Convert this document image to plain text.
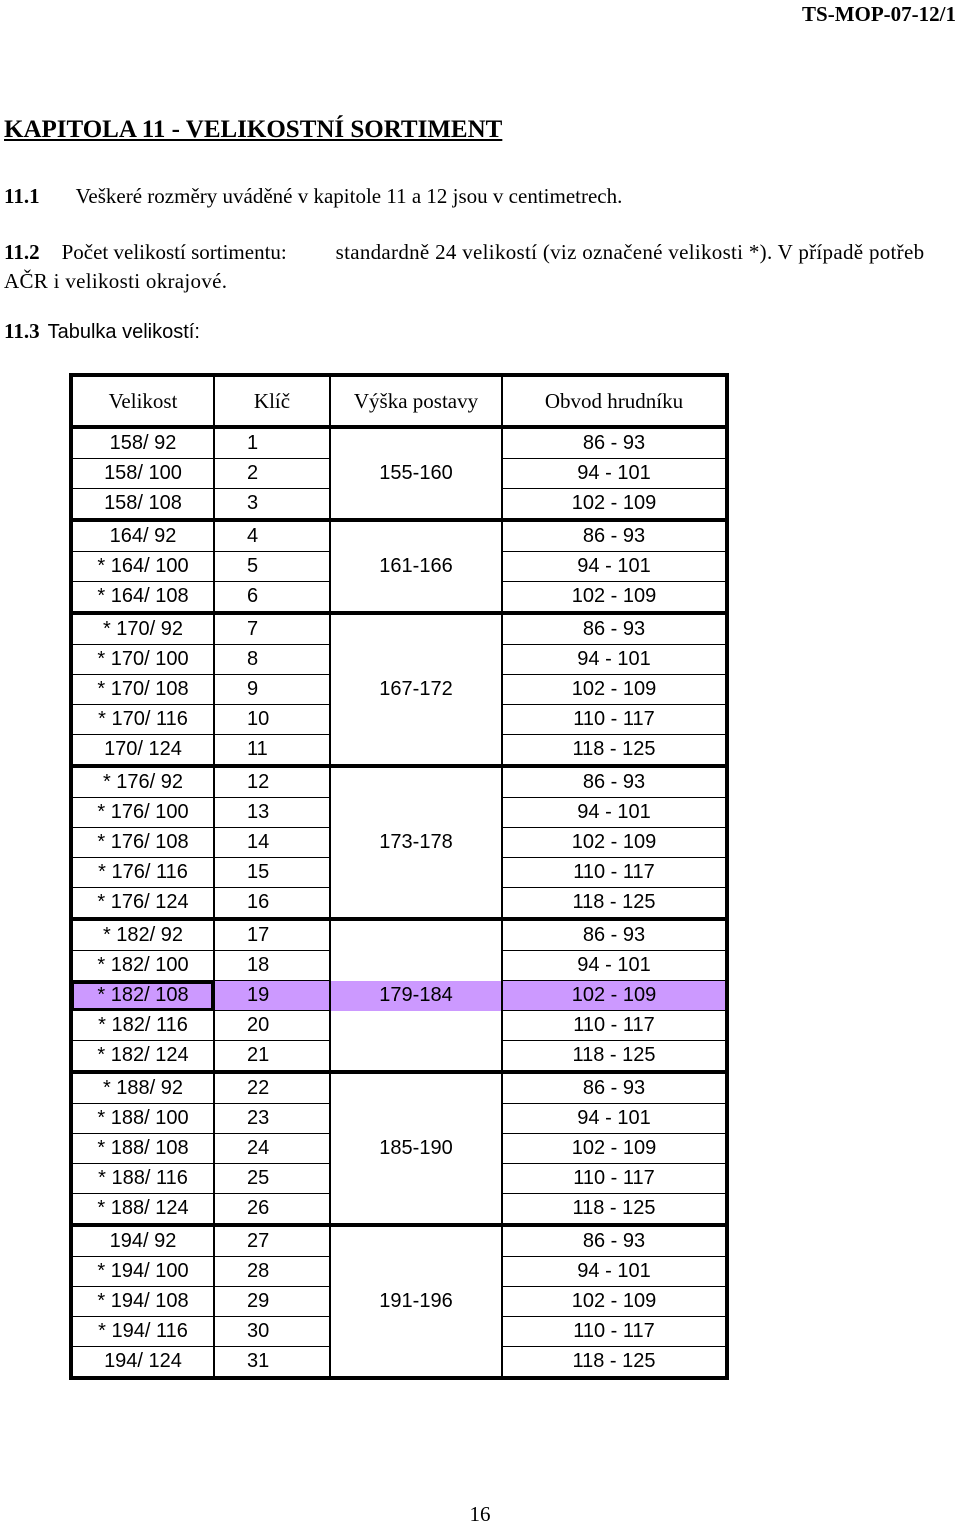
TS-MOP-07-12/1
KAPITOLA 11 - VELIKOSTNÍ SORTIMENT
11.1 Veškeré rozměry uváděné v kapitole 11 a 12 jsou v centimetrech.
11.2 Počet velikostí sortimentu: standardně 24 velikostí (viz označené velikosti *). V případě potřeb AČR i velikosti okrajové.
11.3 Tabulka velikostí:
Velikost	Klíč	Výška postavy	Obvod hrudníku
158/ 92	1		86 - 93
158/ 100	2	155-160	94 - 101
158/ 108	3		102 - 109
164/ 92	4		86 - 93
* 164/ 100	5	161-166	94 - 101
* 164/ 108	6		102 - 109
* 170/ 92	7		86 - 93
* 170/ 100	8		94 - 101
* 170/ 108	9	167-172	102 - 109
* 170/ 116	10		110 - 117
170/ 124	11		118 - 125
* 176/ 92	12		86 - 93
* 176/ 100	13		94 - 101
* 176/ 108	14	173-178	102 - 109
* 176/ 116	15		110 - 117
* 176/ 124	16		118 - 125
* 182/ 92	17		86 - 93
* 182/ 100	18		94 - 101
* 182/ 108	19	179-184	102 - 109
* 182/ 116	20		110 - 117
* 182/ 124	21		118 - 125
* 188/ 92	22		86 - 93
* 188/ 100	23		94 - 101
* 188/ 108	24	185-190	102 - 109
* 188/ 116	25		110 - 117
* 188/ 124	26		118 - 125
194/ 92	27		86 - 93
* 194/ 100	28		94 - 101
* 194/ 108	29	191-196	102 - 109
* 194/ 116	30		110 - 117
194/ 124	31		118 - 125
16
